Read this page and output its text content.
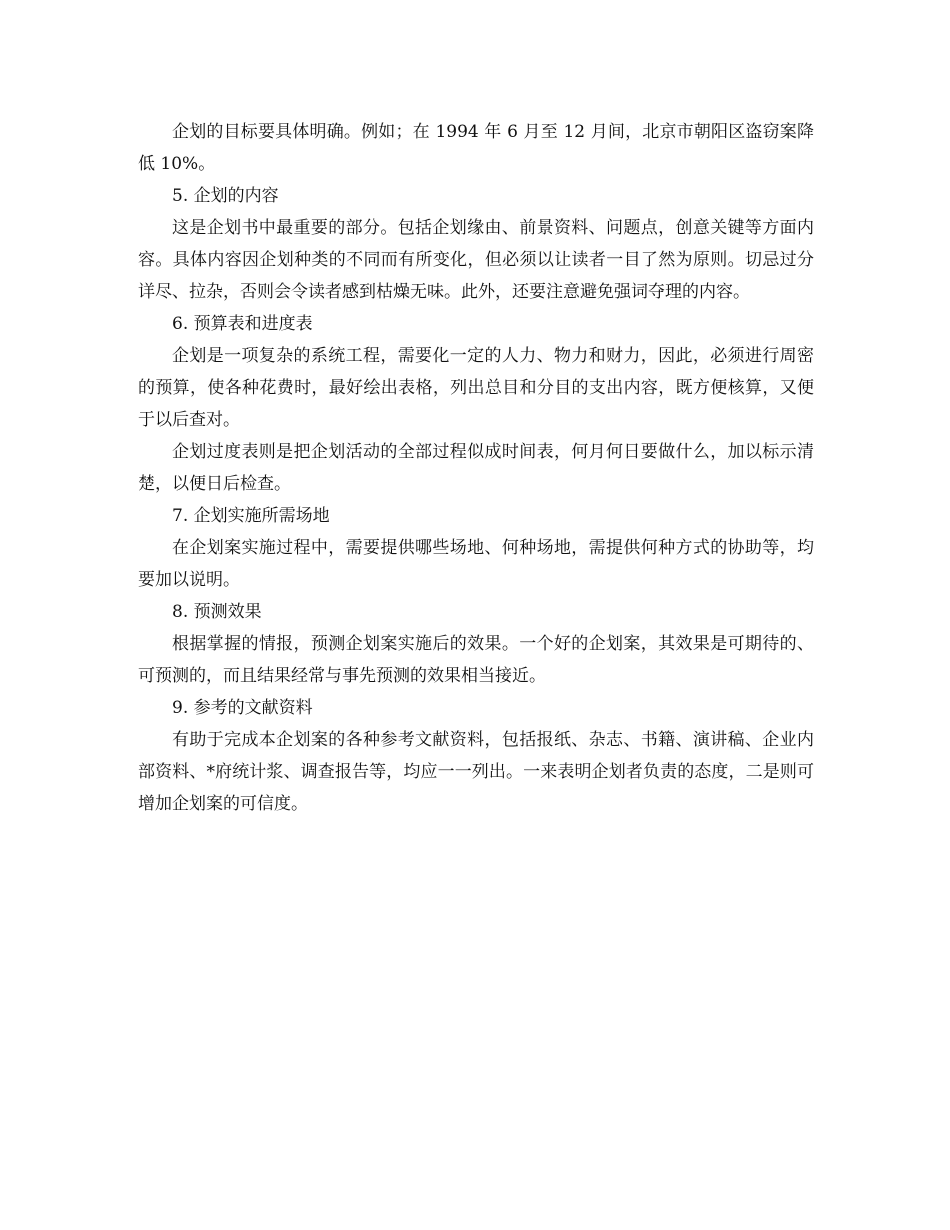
企划的目标要具体明确。例如；在 1994 年 6 月至 12 月间，北京市朝阳区盗窃案降低 10%。

5. 企划的内容

这是企划书中最重要的部分。包括企划缘由、前景资料、问题点，创意关键等方面内容。具体内容因企划种类的不同而有所变化，但必须以让读者一目了然为原则。切忌过分详尽、拉杂，否则会令读者感到枯燥无味。此外，还要注意避免强词夺理的内容。

6. 预算表和进度表

企划是一项复杂的系统工程，需要化一定的人力、物力和财力，因此，必须进行周密的预算，使各种花费时，最好绘出表格，列出总目和分目的支出内容，既方便核算，又便于以后查对。

企划过度表则是把企划活动的全部过程似成时间表，何月何日要做什么，加以标示清楚，以便日后检查。

7. 企划实施所需场地

在企划案实施过程中，需要提供哪些场地、何种场地，需提供何种方式的协助等，均要加以说明。

8. 预测效果

根据掌握的情报，预测企划案实施后的效果。一个好的企划案，其效果是可期待的、可预测的，而且结果经常与事先预测的效果相当接近。

9. 参考的文献资料

有助于完成本企划案的各种参考文献资料，包括报纸、杂志、书籍、演讲稿、企业内部资料、*府统计浆、调查报告等，均应一一列出。一来表明企划者负责的态度，二是则可增加企划案的可信度。
